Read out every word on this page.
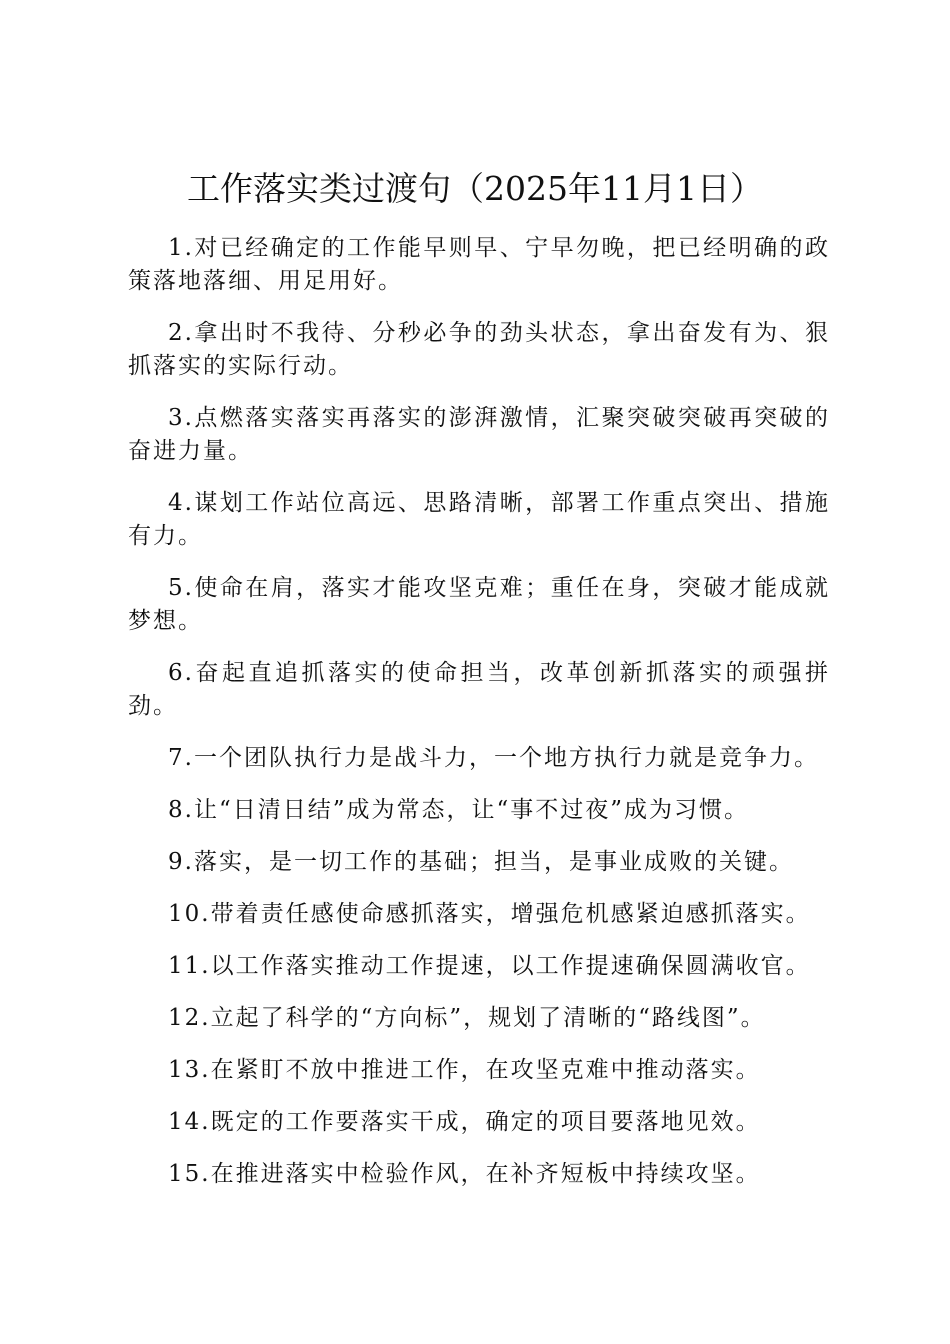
工作落实类过渡句（2025年11月1日）

1.对已经确定的工作能早则早、宁早勿晚，把已经明确的政策落地落细、用足用好。

2.拿出时不我待、分秒必争的劲头状态，拿出奋发有为、狠抓落实的实际行动。

3.点燃落实落实再落实的澎湃激情，汇聚突破突破再突破的奋进力量。

4.谋划工作站位高远、思路清晰，部署工作重点突出、措施有力。

5.使命在肩，落实才能攻坚克难；重任在身，突破才能成就梦想。

6.奋起直追抓落实的使命担当，改革创新抓落实的顽强拼劲。

7.一个团队执行力是战斗力，一个地方执行力就是竞争力。

8.让“日清日结”成为常态，让“事不过夜”成为习惯。

9.落实，是一切工作的基础；担当，是事业成败的关键。

10.带着责任感使命感抓落实，增强危机感紧迫感抓落实。

11.以工作落实推动工作提速，以工作提速确保圆满收官。

12.立起了科学的“方向标”，规划了清晰的“路线图”。

13.在紧盯不放中推进工作，在攻坚克难中推动落实。

14.既定的工作要落实干成，确定的项目要落地见效。

15.在推进落实中检验作风，在补齐短板中持续攻坚。
